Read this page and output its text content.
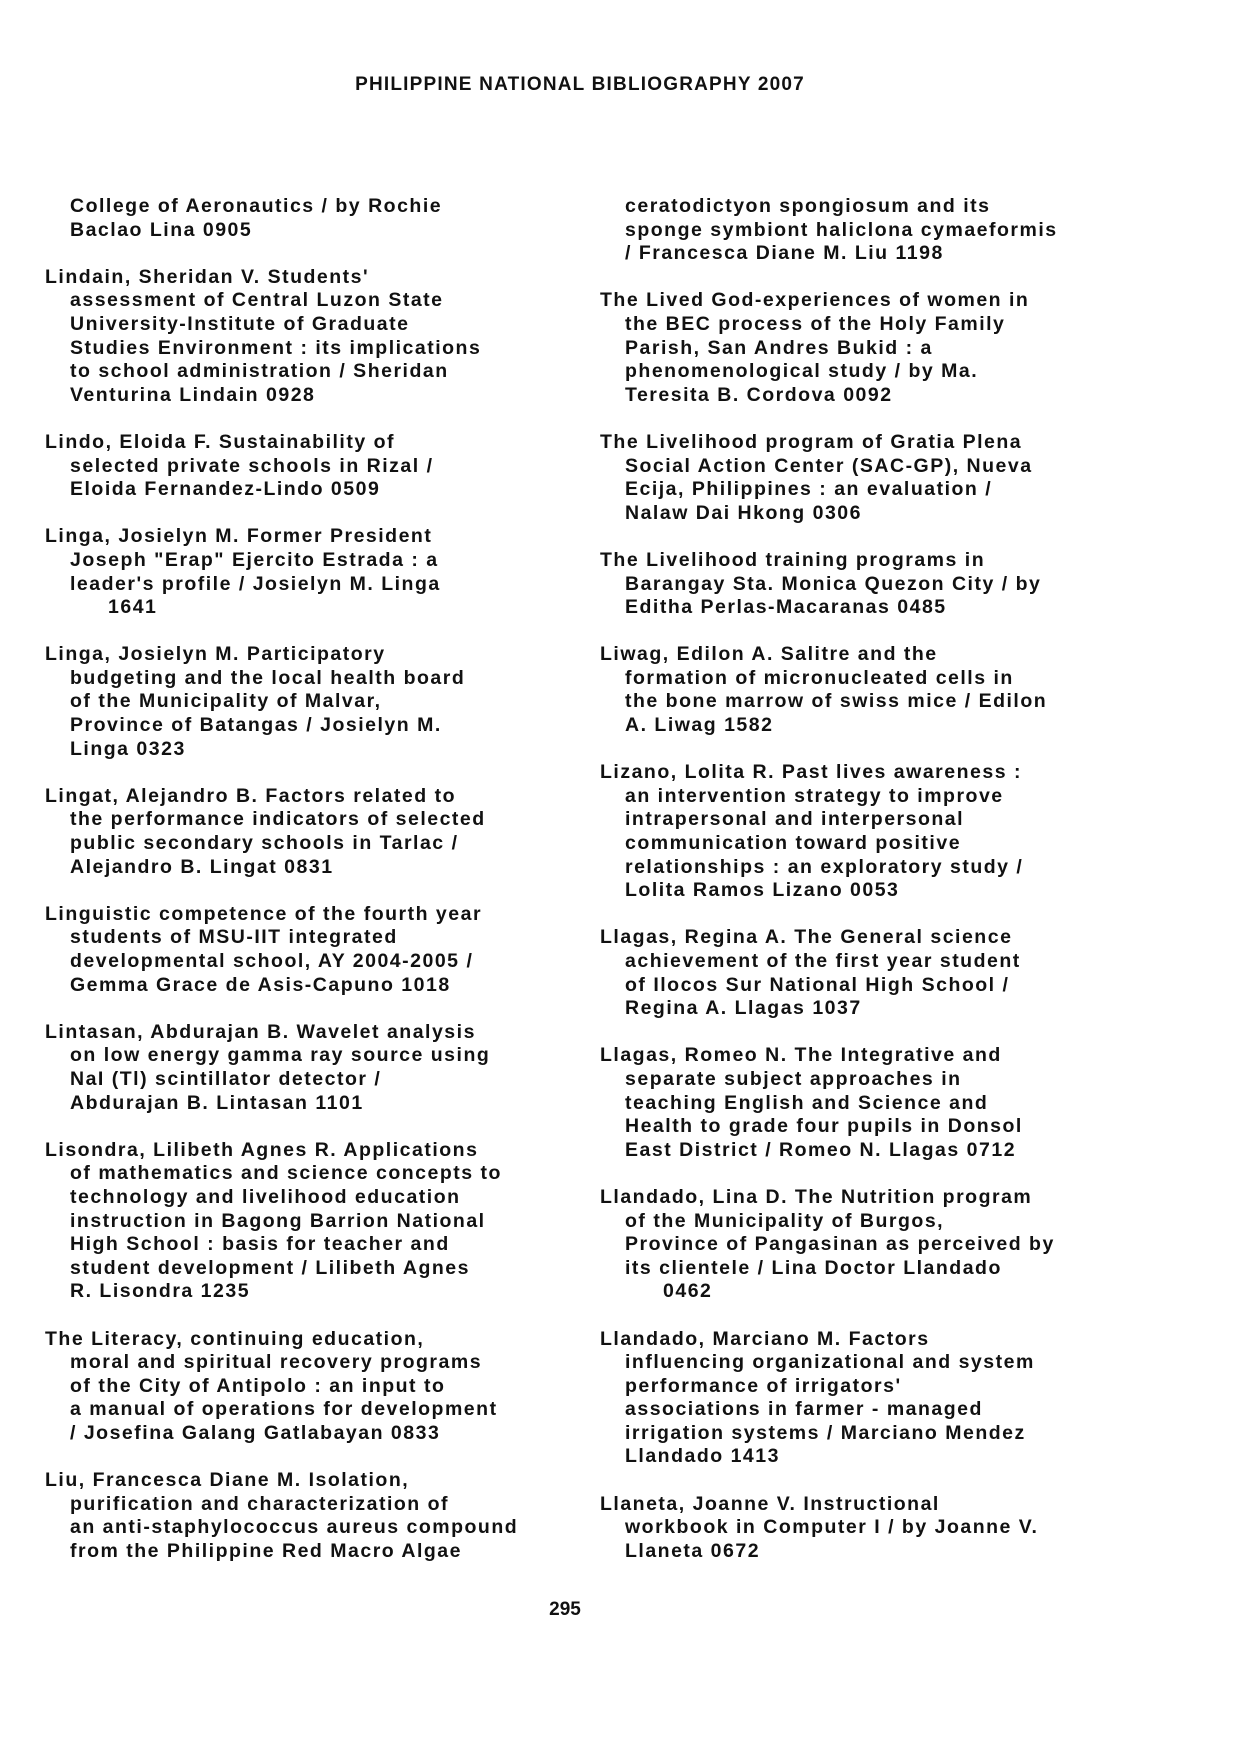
PHILIPPINE NATIONAL BIBLIOGRAPHY 2007
College of Aeronautics / by Rochie
Baclao Lina 0905
Lindain, Sheridan V. Students'
assessment of Central Luzon State
University-Institute of Graduate
Studies Environment : its implications
to school administration / Sheridan
Venturina Lindain 0928
Lindo, Eloida F. Sustainability of
selected private schools in Rizal /
Eloida Fernandez-Lindo 0509
Linga, Josielyn M. Former President
Joseph "Erap" Ejercito Estrada : a
leader's profile / Josielyn M. Linga
1641
Linga, Josielyn M. Participatory
budgeting and the local health board
of the Municipality of Malvar,
Province of Batangas / Josielyn M.
Linga 0323
Lingat, Alejandro B. Factors related to
the performance indicators of selected
public secondary schools in Tarlac /
Alejandro B. Lingat 0831
Linguistic competence of the fourth year
students of MSU-IIT integrated
developmental school, AY 2004-2005 /
Gemma Grace de Asis-Capuno 1018
Lintasan, Abdurajan B. Wavelet analysis
on low energy gamma ray source using
NaI (Tl) scintillator detector /
Abdurajan B. Lintasan 1101
Lisondra, Lilibeth Agnes R. Applications
of mathematics and science concepts to
technology and livelihood education
instruction in Bagong Barrion National
High School : basis for teacher and
student development / Lilibeth Agnes
R. Lisondra 1235
The Literacy, continuing education,
moral and spiritual recovery programs
of the City of Antipolo : an input to
a manual of operations for development
/ Josefina Galang Gatlabayan 0833
Liu, Francesca Diane M. Isolation,
purification and characterization of
an anti-staphylococcus aureus compound
from the Philippine Red Macro Algae
ceratodictyon spongiosum and its
sponge symbiont haliclona cymaeformis
/ Francesca Diane M. Liu 1198
The Lived God-experiences of women in
the BEC process of the Holy Family
Parish, San Andres Bukid : a
phenomenological study / by Ma.
Teresita B. Cordova 0092
The Livelihood program of Gratia Plena
Social Action Center (SAC-GP), Nueva
Ecija, Philippines : an evaluation /
Nalaw Dai Hkong 0306
The Livelihood training programs in
Barangay Sta. Monica Quezon City / by
Editha Perlas-Macaranas 0485
Liwag, Edilon A. Salitre and the
formation of micronucleated cells in
the bone marrow of swiss mice / Edilon
A. Liwag 1582
Lizano, Lolita R. Past lives awareness :
an intervention strategy to improve
intrapersonal and interpersonal
communication toward positive
relationships : an exploratory study /
Lolita Ramos Lizano 0053
Llagas, Regina A. The General science
achievement of the first year student
of Ilocos Sur National High School /
Regina A. Llagas 1037
Llagas, Romeo N. The Integrative and
separate subject approaches in
teaching English and Science and
Health to grade four pupils in Donsol
East District / Romeo N. Llagas 0712
Llandado, Lina D. The Nutrition program
of the Municipality of Burgos,
Province of Pangasinan as perceived by
its clientele / Lina Doctor Llandado
0462
Llandado, Marciano M. Factors
influencing organizational and system
performance of irrigators'
associations in farmer - managed
irrigation systems / Marciano Mendez
Llandado 1413
Llaneta, Joanne V. Instructional
workbook in Computer I / by Joanne V.
Llaneta 0672
295
